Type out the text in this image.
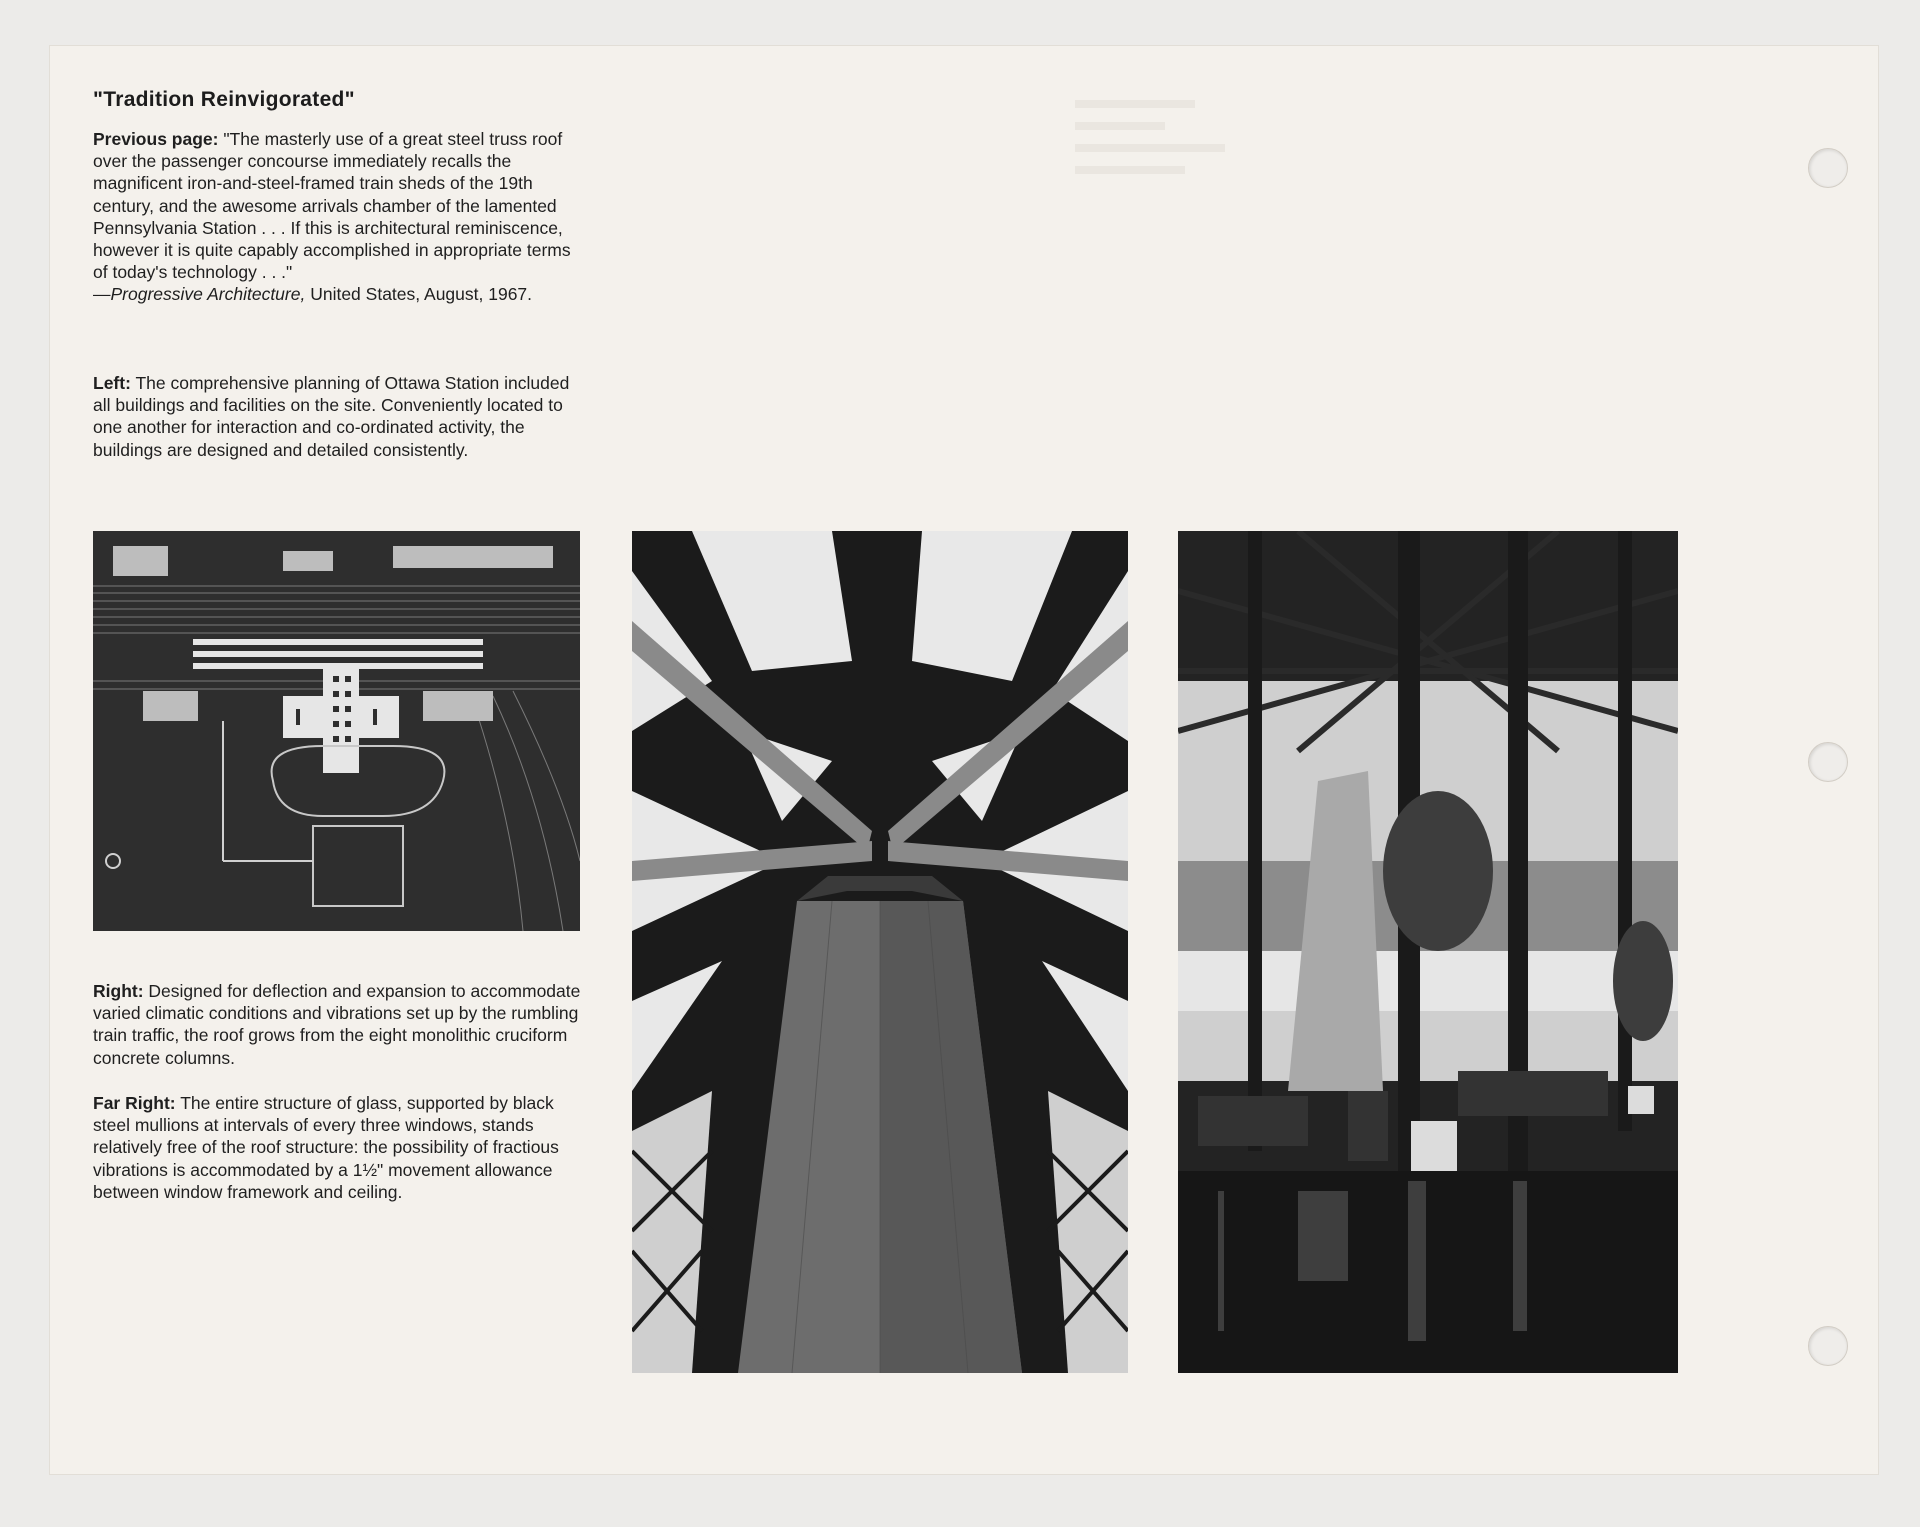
"Tradition Reinvigorated"
Previous page: "The masterly use of a great steel truss roof over the passenger concourse immediately recalls the magnificent iron-and-steel-framed train sheds of the 19th century, and the awesome arrivals chamber of the lamented Pennsylvania Station . . . If this is architectural reminiscence, however it is quite capably accomplished in appropriate terms of today's technology . . ."
—Progressive Architecture, United States, August, 1967.
Left: The comprehensive planning of Ottawa Station included all buildings and facilities on the site. Conveniently located to one another for interaction and co-ordinated activity, the buildings are designed and detailed consistently.
Right: Designed for deflection and expansion to accommodate varied climatic conditions and vibrations set up by the rumbling train traffic, the roof grows from the eight monolithic cruciform concrete columns.
Far Right: The entire structure of glass, supported by black steel mullions at intervals of every three windows, stands relatively free of the roof structure: the possibility of fractious vibrations is accommodated by a 1½" movement allowance between window framework and ceiling.
